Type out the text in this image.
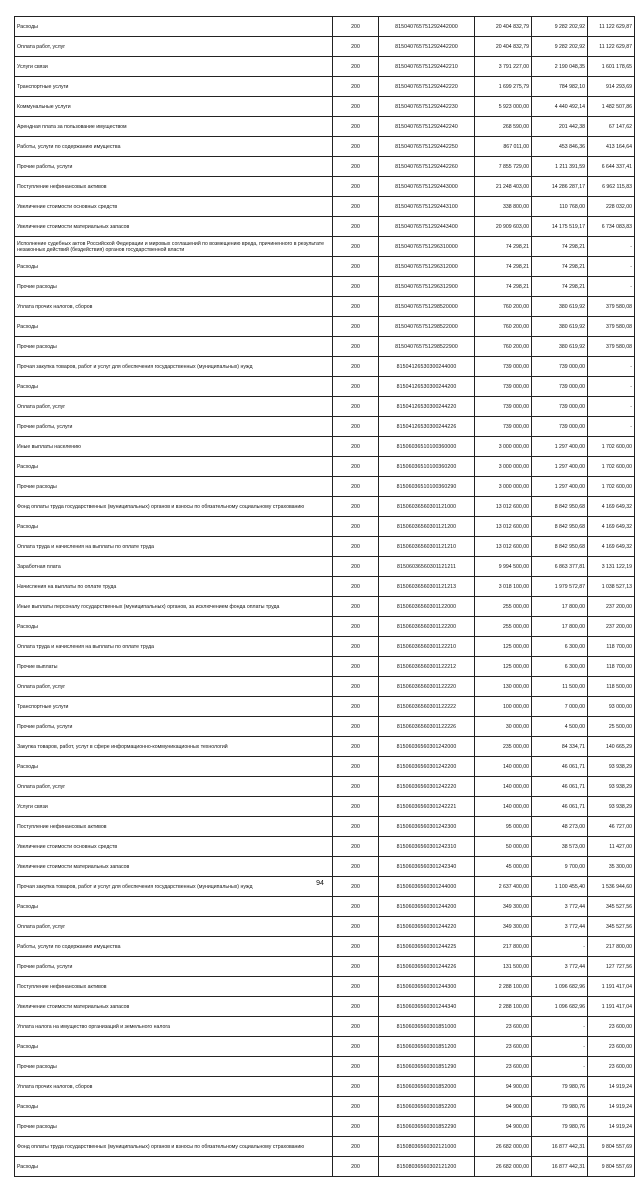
Расходы	200	815040765751292442000	20 404 832,79	9 282 202,92	11 122 629,87
Оплата работ, услуг	200	815040765751292442200	20 404 832,79	9 282 202,92	11 122 629,87
Услуги связи	200	815040765751292442210	3 791 227,00	2 190 048,35	1 601 178,65
Транспортные услуги	200	815040765751292442220	1 699 275,79	784 982,10	914 293,69
Коммунальные услуги	200	815040765751292442230	5 923 000,00	4 440 492,14	1 482 507,86
Арендная плата за пользование имуществом	200	815040765751292442240	268 590,00	201 442,38	67 147,62
Работы, услуги по содержанию имущества	200	815040765751292442250	867 011,00	453 846,36	413 164,64
Прочие работы, услуги	200	815040765751292442260	7 855 729,00	1 211 391,59	6 644 337,41
Поступление нефинансовых активов	200	815040765751292443000	21 248 403,00	14 286 287,17	6 962 115,83
Увеличение стоимости основных средств	200	815040765751292443100	338 800,00	110 768,00	228 032,00
Увеличение стоимости материальных запасов	200	815040765751292443400	20 909 603,00	14 175 519,17	6 734 083,83
Исполнение судебных актов Российской Федерации и мировых соглашений по возмещению вреда, причиненного в результате незаконных действий (бездействия) органов государственной власти	200	815040765751296310000	74 298,21	74 298,21	-
Расходы	200	815040765751296312000	74 298,21	74 298,21	-
Прочие расходы	200	815040765751296312900	74 298,21	74 298,21	-
Уплата прочих налогов, сборов	200	815040765751298520000	760 200,00	380 619,92	379 580,08
Расходы	200	815040765751298522000	760 200,00	380 619,92	379 580,08
Прочие расходы	200	815040765751298522900	760 200,00	380 619,92	379 580,08
Прочая закупка товаров, работ и услуг для обеспечения государственных (муниципальных) нужд	200	81504126530300244000	739 000,00	739 000,00	-
Расходы	200	81504126530300244200	739 000,00	739 000,00	-
Оплата работ, услуг	200	81504126530300244220	739 000,00	739 000,00	-
Прочие работы, услуги	200	81504126530300244226	739 000,00	739 000,00	-
Иные выплаты населению	200	81506036510100360000	3 000 000,00	1 297 400,00	1 702 600,00
Расходы	200	81506036510100360200	3 000 000,00	1 297 400,00	1 702 600,00
Прочие расходы	200	81506036510100360290	3 000 000,00	1 297 400,00	1 702 600,00
Фонд оплаты труда государственных (муниципальных) органов и взносы по обязательному социальному страхованию	200	81506036560301121000	13 012 600,00	8 842 950,68	4 169 649,32
Расходы	200	81506036560301121200	13 012 600,00	8 842 950,68	4 169 649,32
Оплата труда и начисления на выплаты по оплате труда	200	81506036560301121210	13 012 600,00	8 842 950,68	4 169 649,32
Заработная плата	200	81506036560301121211	9 994 500,00	6 863 377,81	3 131 122,19
Начисления на выплаты по оплате труда	200	81506036560301121213	3 018 100,00	1 979 572,87	1 038 527,13
Иные выплаты персоналу государственных (муниципальных) органов, за исключением фонда оплаты труда	200	81506036560301122000	255 000,00	17 800,00	237 200,00
Расходы	200	81506036560301122200	255 000,00	17 800,00	237 200,00
Оплата труда и начисления на выплаты по оплате труда	200	81506036560301122210	125 000,00	6 300,00	118 700,00
Прочие выплаты	200	81506036560301122212	125 000,00	6 300,00	118 700,00
Оплата работ, услуг	200	81506036560301122220	130 000,00	11 500,00	118 500,00
Транспортные услуги	200	81506036560301122222	100 000,00	7 000,00	93 000,00
Прочие работы, услуги	200	81506036560301122226	30 000,00	4 500,00	25 500,00
Закупка товаров, работ, услуг в сфере информационно-коммуникационных технологий	200	81506036560301242000	235 000,00	84 334,71	140 665,29
Расходы	200	81506036560301242200	140 000,00	46 061,71	93 938,29
Оплата работ, услуг	200	81506036560301242220	140 000,00	46 061,71	93 938,29
Услуги связи	200	81506036560301242221	140 000,00	46 061,71	93 938,29
Поступление нефинансовых активов	200	81506036560301242300	95 000,00	48 273,00	46 727,00
Увеличение стоимости основных средств	200	81506036560301242310	50 000,00	38 573,00	11 427,00
Увеличение стоимости материальных запасов	200	81506036560301242340	45 000,00	9 700,00	35 300,00
Прочая закупка товаров, работ и услуг для обеспечения государственных (муниципальных) нужд	200	81506036560301244000	2 637 400,00	1 100 455,40	1 536 944,60
Расходы	200	81506036560301244200	349 300,00	3 772,44	345 527,56
Оплата работ, услуг	200	81506036560301244220	349 300,00	3 772,44	345 527,56
Работы, услуги по содержанию имущества	200	81506036560301244225	217 800,00	-	217 800,00
Прочие работы, услуги	200	81506036560301244226	131 500,00	3 772,44	127 727,56
Поступление нефинансовых активов	200	81506036560301244300	2 288 100,00	1 096 682,96	1 191 417,04
Увеличение стоимости материальных запасов	200	81506036560301244340	2 288 100,00	1 096 682,96	1 191 417,04
Уплата налога на имущество организаций и земельного налога	200	81506036560301851000	23 600,00	-	23 600,00
Расходы	200	81506036560301851200	23 600,00	-	23 600,00
Прочие расходы	200	81506036560301851290	23 600,00	-	23 600,00
Уплата прочих налогов, сборов	200	81506036560301852000	94 900,00	79 980,76	14 919,24
Расходы	200	81506036560301852200	94 900,00	79 980,76	14 919,24
Прочие расходы	200	81506036560301852290	94 900,00	79 980,76	14 919,24
Фонд оплаты труда государственных (муниципальных) органов и взносы по обязательному социальному страхованию	200	81508036560302121000	26 682 000,00	16 877 442,31	9 804 557,69
Расходы	200	81508036560302121200	26 682 000,00	16 877 442,31	9 804 557,69
94
